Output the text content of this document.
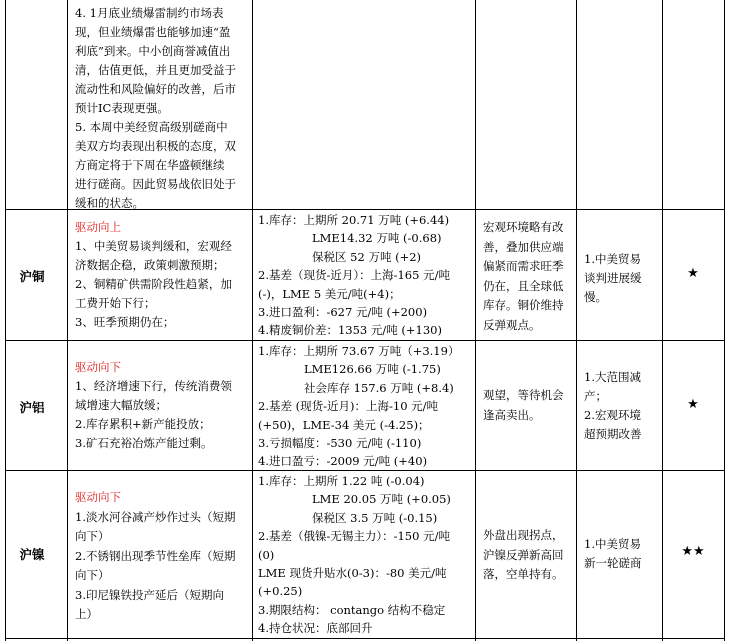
4. 1月底业绩爆雷制约市场表
现，但业绩爆雷也能够加速“盈
利底”到来。中小创商誉减值出
清，估值更低，并且更加受益于
流动性和风险偏好的改善，后市
预计IC表现更强。
5. 本周中美经贸高级别磋商中
美双方均表现出积极的态度，双
方商定将于下周在华盛顿继续
进行磋商。因此贸易战依旧处于
缓和的状态。
沪铜
驱动向上
1、中美贸易谈判缓和，宏观经
济数据企稳，政策刺激预期；
2、铜精矿供需阶段性趋紧，加
工费开始下行；
3、旺季预期仍在；
1.库存：上期所 20.71 万吨 (+6.44)
LME14.32 万吨 (-0.68)
保税区 52 万吨 (+2)
2.基差（现货-近月）：上海-165 元/吨
(-)，LME 5 美元/吨(+4)；
3.进口盈利：-627 元/吨 (+200)
4.精废铜价差：1353 元/吨 (+130)
宏观环境略有改
善，叠加供应端
偏紧而需求旺季
仍在，且全球低
库存。铜价维持
反弹观点。
1.中美贸易
谈判进展缓
慢。
★
沪铝
驱动向下
1、经济增速下行，传统消费领
域增速大幅放缓；
2.库存累积+新产能投放；
3.矿石充裕冶炼产能过剩。
1.库存：上期所 73.67 万吨（+3.19）
LME126.66 万吨 (-1.75)
社会库存 157.6 万吨 (+8.4)
2.基差 (现货-近月)：上海-10 元/吨
(+50)，LME-34 美元 (-4.25)；
3.亏损幅度：-530 元/吨 (-110)
4.进口盈亏：-2009 元/吨 (+40)
观望，等待机会
逢高卖出。
1.大范围减
产；
2.宏观环境
超预期改善
★
沪镍
驱动向下
1.淡水河谷减产炒作过头（短期
向下）
2.不锈钢出现季节性垒库（短期
向下）
3.印尼镍铁投产延后（短期向
上）
1.库存：上期所 1.22 吨 (-0.04)
LME 20.05 万吨 (+0.05)
保税区 3.5 万吨 (-0.15)
2.基差（俄镍-无锡主力）：-150 元/吨
(0)
LME 现货升贴水(0-3)：-80 美元/吨
(+0.25)
3.期限结构： contango 结构不稳定
4.持仓状况：底部回升
外盘出现拐点，
沪镍反弹新高回
落，空单持有。
1.中美贸易
新一轮磋商
★★
